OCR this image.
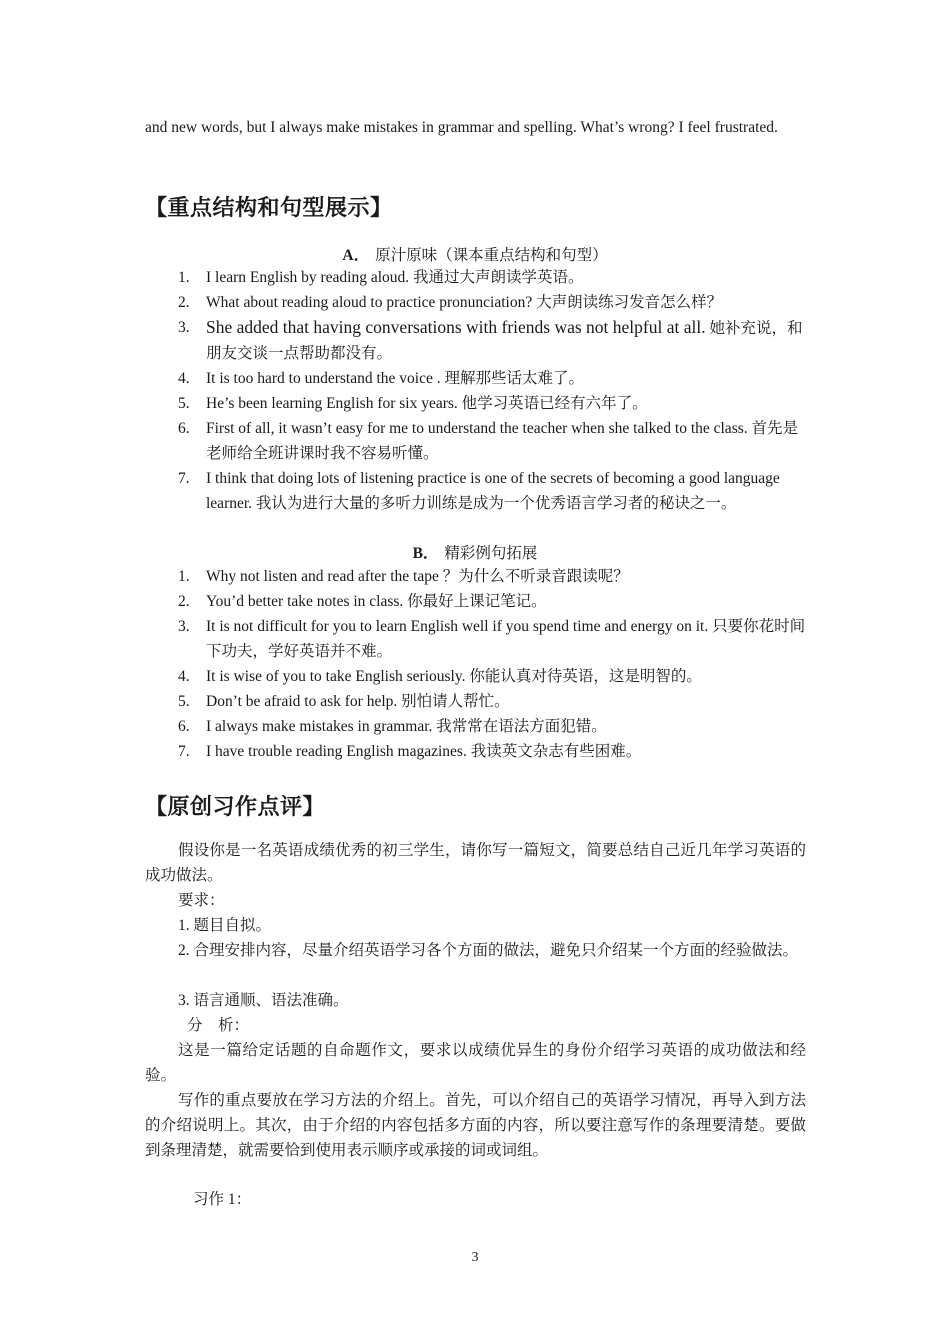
and new words, but I always make mistakes in grammar and spelling. What’s wrong? I feel frustrated.
【重点结构和句型展示】
A． 原汁原味（课本重点结构和句型）
1. I learn English by reading aloud. 我通过大声朗读学英语。
2. What about reading aloud to practice pronunciation? 大声朗读练习发音怎么样？
3. She added that having conversations with friends was not helpful at all. 她补充说，和朋友交谈一点帮助都没有。
4. It is too hard to understand the voice . 理解那些话太难了。
5. He’s been learning English for six years. 他学习英语已经有六年了。
6. First of all, it wasn’t easy for me to understand the teacher when she talked to the class. 首先是老师给全班讲课时我不容易听懂。
7. I think that doing lots of listening practice is one of the secrets of becoming a good language learner. 我认为进行大量的多听力训练是成为一个优秀语言学习者的秘诀之一。
B． 精彩例句拓展
1. Why not listen and read after the tape ？为什么不听录音跟读呢？
2. You’d better take notes in class. 你最好上课记笔记。
3. It is not difficult for you to learn English well if you spend time and energy on it. 只要你花时间下功夫，学好英语并不难。
4. It is wise of you to take English seriously. 你能认真对待英语，这是明智的。
5. Don’t be afraid to ask for help. 别怕请人帮忙。
6. I always make mistakes in grammar. 我常常在语法方面犯错。
7. I have trouble reading English magazines. 我读英文杂志有些困难。
【原创习作点评】
假设你是一名英语成绩优秀的初三学生，请你写一篇短文，简要总结自己近几年学习英语的成功做法。
要求：
1. 题目自拟。
2. 合理安排内容，尽量介绍英语学习各个方面的做法，避免只介绍某一个方面的经验做法。
3. 语言通顺、语法准确。
分　析：
这是一篇给定话题的自命题作文，要求以成绩优异生的身份介绍学习英语的成功做法和经验。
写作的重点要放在学习方法的介绍上。首先，可以介绍自己的英语学习情况，再导入到方法的介绍说明上。其次，由于介绍的内容包括多方面的内容，所以要注意写作的条理要清楚。要做到条理清楚，就需要恰到使用表示顺序或承接的词或词组。
习作 1：
3
